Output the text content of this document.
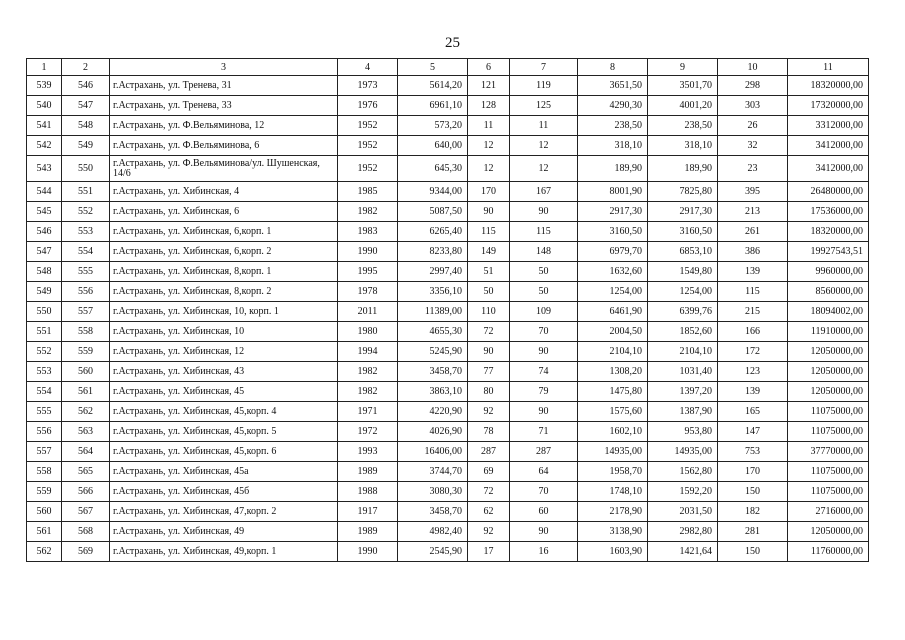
25
1	2	3	4	5	6	7	8	9	10	11
539	546	г.Астрахань, ул. Тренева, 31	1973	5614,20	121	119	3651,50	3501,70	298	18320000,00
540	547	г.Астрахань, ул. Тренева, 33	1976	6961,10	128	125	4290,30	4001,20	303	17320000,00
541	548	г.Астрахань, ул. Ф.Вельяминова, 12	1952	573,20	11	11	238,50	238,50	26	3312000,00
542	549	г.Астрахань, ул. Ф.Вельяминова, 6	1952	640,00	12	12	318,10	318,10	32	3412000,00
543	550	г.Астрахань, ул. Ф.Вельяминова/ул. Шушенская, 14/6	1952	645,30	12	12	189,90	189,90	23	3412000,00
544	551	г.Астрахань, ул. Хибинская, 4	1985	9344,00	170	167	8001,90	7825,80	395	26480000,00
545	552	г.Астрахань, ул. Хибинская, 6	1982	5087,50	90	90	2917,30	2917,30	213	17536000,00
546	553	г.Астрахань, ул. Хибинская, 6,корп. 1	1983	6265,40	115	115	3160,50	3160,50	261	18320000,00
547	554	г.Астрахань, ул. Хибинская, 6,корп. 2	1990	8233,80	149	148	6979,70	6853,10	386	19927543,51
548	555	г.Астрахань, ул. Хибинская, 8,корп. 1	1995	2997,40	51	50	1632,60	1549,80	139	9960000,00
549	556	г.Астрахань, ул. Хибинская, 8,корп. 2	1978	3356,10	50	50	1254,00	1254,00	115	8560000,00
550	557	г.Астрахань, ул. Хибинская, 10, корп. 1	2011	11389,00	110	109	6461,90	6399,76	215	18094002,00
551	558	г.Астрахань, ул. Хибинская, 10	1980	4655,30	72	70	2004,50	1852,60	166	11910000,00
552	559	г.Астрахань, ул. Хибинская, 12	1994	5245,90	90	90	2104,10	2104,10	172	12050000,00
553	560	г.Астрахань, ул. Хибинская, 43	1982	3458,70	77	74	1308,20	1031,40	123	12050000,00
554	561	г.Астрахань, ул. Хибинская, 45	1982	3863,10	80	79	1475,80	1397,20	139	12050000,00
555	562	г.Астрахань, ул. Хибинская, 45,корп. 4	1971	4220,90	92	90	1575,60	1387,90	165	11075000,00
556	563	г.Астрахань, ул. Хибинская, 45,корп. 5	1972	4026,90	78	71	1602,10	953,80	147	11075000,00
557	564	г.Астрахань, ул. Хибинская, 45,корп. 6	1993	16406,00	287	287	14935,00	14935,00	753	37770000,00
558	565	г.Астрахань, ул. Хибинская, 45а	1989	3744,70	69	64	1958,70	1562,80	170	11075000,00
559	566	г.Астрахань, ул. Хибинская, 45б	1988	3080,30	72	70	1748,10	1592,20	150	11075000,00
560	567	г.Астрахань, ул. Хибинская, 47,корп. 2	1917	3458,70	62	60	2178,90	2031,50	182	2716000,00
561	568	г.Астрахань, ул. Хибинская, 49	1989	4982,40	92	90	3138,90	2982,80	281	12050000,00
562	569	г.Астрахань, ул. Хибинская, 49,корп. 1	1990	2545,90	17	16	1603,90	1421,64	150	11760000,00
